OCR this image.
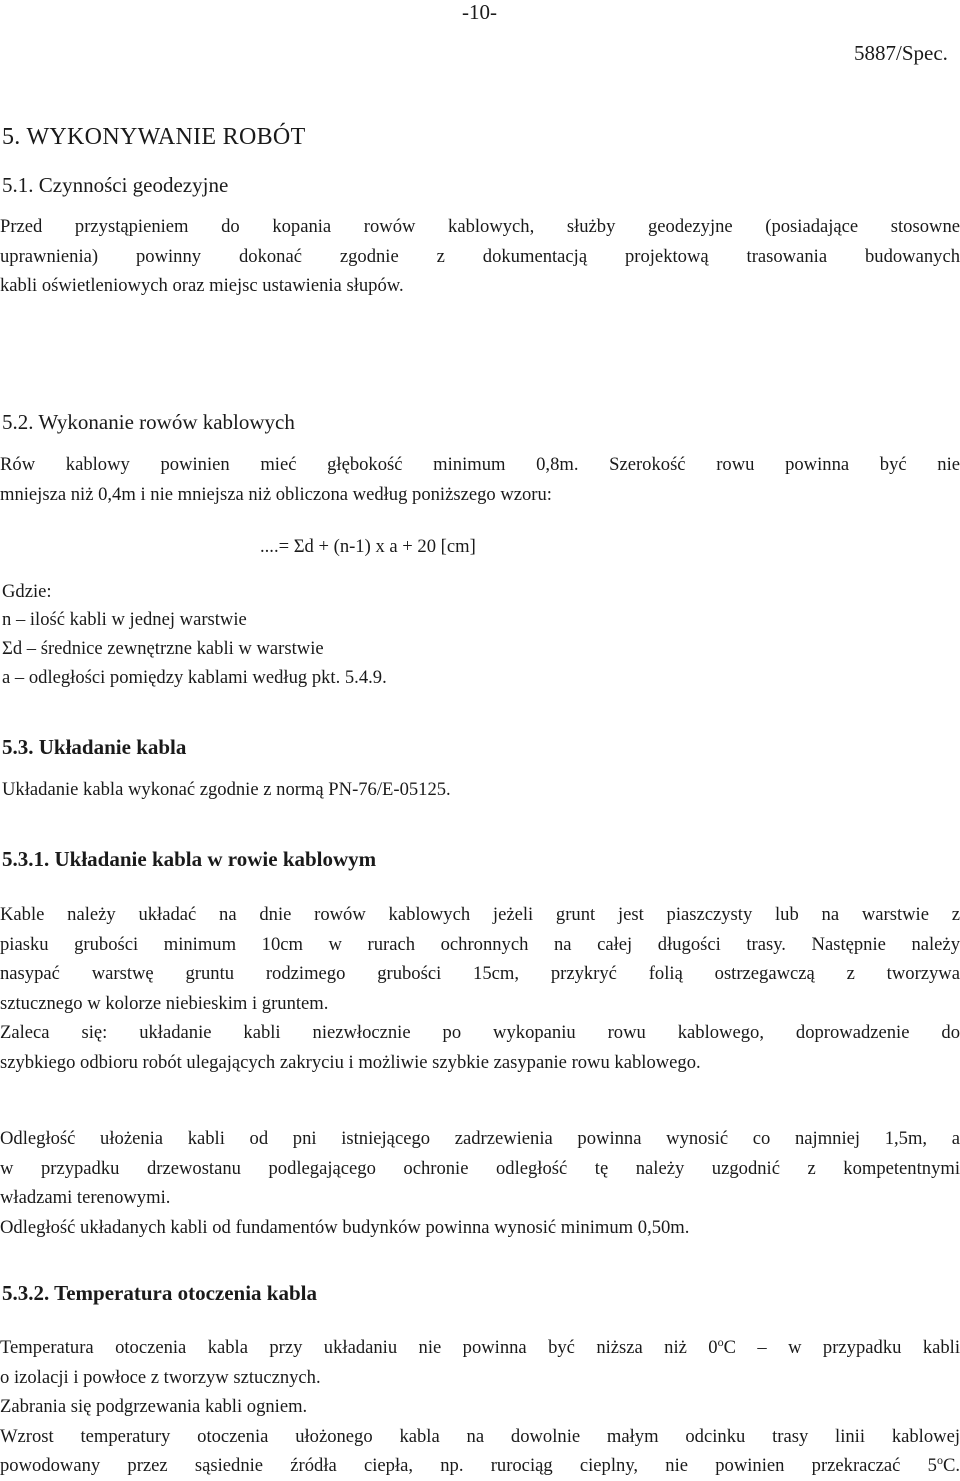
-10-
5887/Spec.
5. WYKONYWANIE ROBÓT
5.1. Czynności geodezyjne
Przed przystąpieniem do kopania rowów kablowych, służby geodezyjne (posiadające stosowne
uprawnienia) powinny dokonać zgodnie z dokumentacją projektową trasowania budowanych
kabli oświetleniowych oraz miejsc ustawienia słupów.
5.2. Wykonanie rowów kablowych
Rów kablowy powinien mieć głębokość minimum 0,8m. Szerokość rowu powinna być nie
mniejsza niż 0,4m i nie mniejsza niż obliczona według poniższego wzoru:
....= Σd + (n-1) x a + 20 [cm]
Gdzie:
n – ilość kabli w jednej warstwie
Σd – średnice zewnętrzne kabli w warstwie
a – odległości pomiędzy kablami według pkt. 5.4.9.
5.3. Układanie kabla
Układanie kabla wykonać zgodnie z normą PN-76/E-05125.
5.3.1. Układanie kabla w rowie kablowym
Kable należy układać na dnie rowów kablowych jeżeli grunt jest piaszczysty lub na warstwie z
piasku grubości minimum 10cm w rurach ochronnych na całej długości trasy. Następnie należy
nasypać warstwę gruntu rodzimego grubości 15cm, przykryć folią ostrzegawczą z tworzywa
sztucznego w kolorze niebieskim i gruntem.
Zaleca się: układanie kabli niezwłocznie po wykopaniu rowu kablowego, doprowadzenie do
szybkiego odbioru robót ulegających zakryciu i możliwie szybkie zasypanie rowu kablowego.
Odległość ułożenia kabli od pni istniejącego zadrzewienia powinna wynosić co najmniej 1,5m, a
w przypadku drzewostanu podlegającego ochronie odległość tę należy uzgodnić z kompetentnymi
władzami terenowymi.
Odległość układanych kabli od fundamentów budynków powinna wynosić minimum 0,50m.
5.3.2. Temperatura otoczenia kabla
Temperatura otoczenia kabla przy układaniu nie powinna być niższa niż 0$^o$C – w przypadku kabli
o izolacji i powłoce z tworzyw sztucznych.
Zabrania się podgrzewania kabli ogniem.
Wzrost temperatury otoczenia ułożonego kabla na dowolnie małym odcinku trasy linii kablowej
powodowany przez sąsiednie źródła ciepła, np. rurociąg cieplny, nie powinien przekraczać 5$^o$C.
